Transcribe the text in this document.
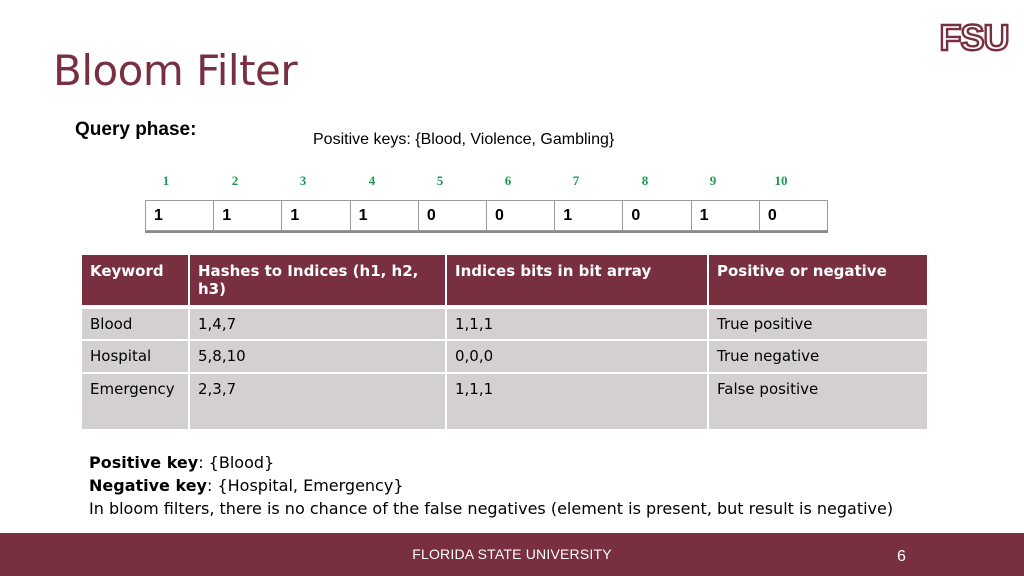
FSU
Bloom Filter
Query phase:	Positive keys: {Blood, Violence, Gambling}
1	2	3	4	5	6	7	8	9	10
1	1	1	1	0	0	1	0	1	0
Keyword	Hashes to Indices (h1, h2, h3)	Indices bits in bit array	Positive or negative
Blood	1,4,7	1,1,1	True positive
Hospital	5,8,10	0,0,0	True negative
Emergency	2,3,7	1,1,1	False positive
Positive key: {Blood}
Negative key: {Hospital, Emergency}
In bloom filters, there is no chance of the false negatives (element is present, but result is negative)
FLORIDA STATE UNIVERSITY	6
